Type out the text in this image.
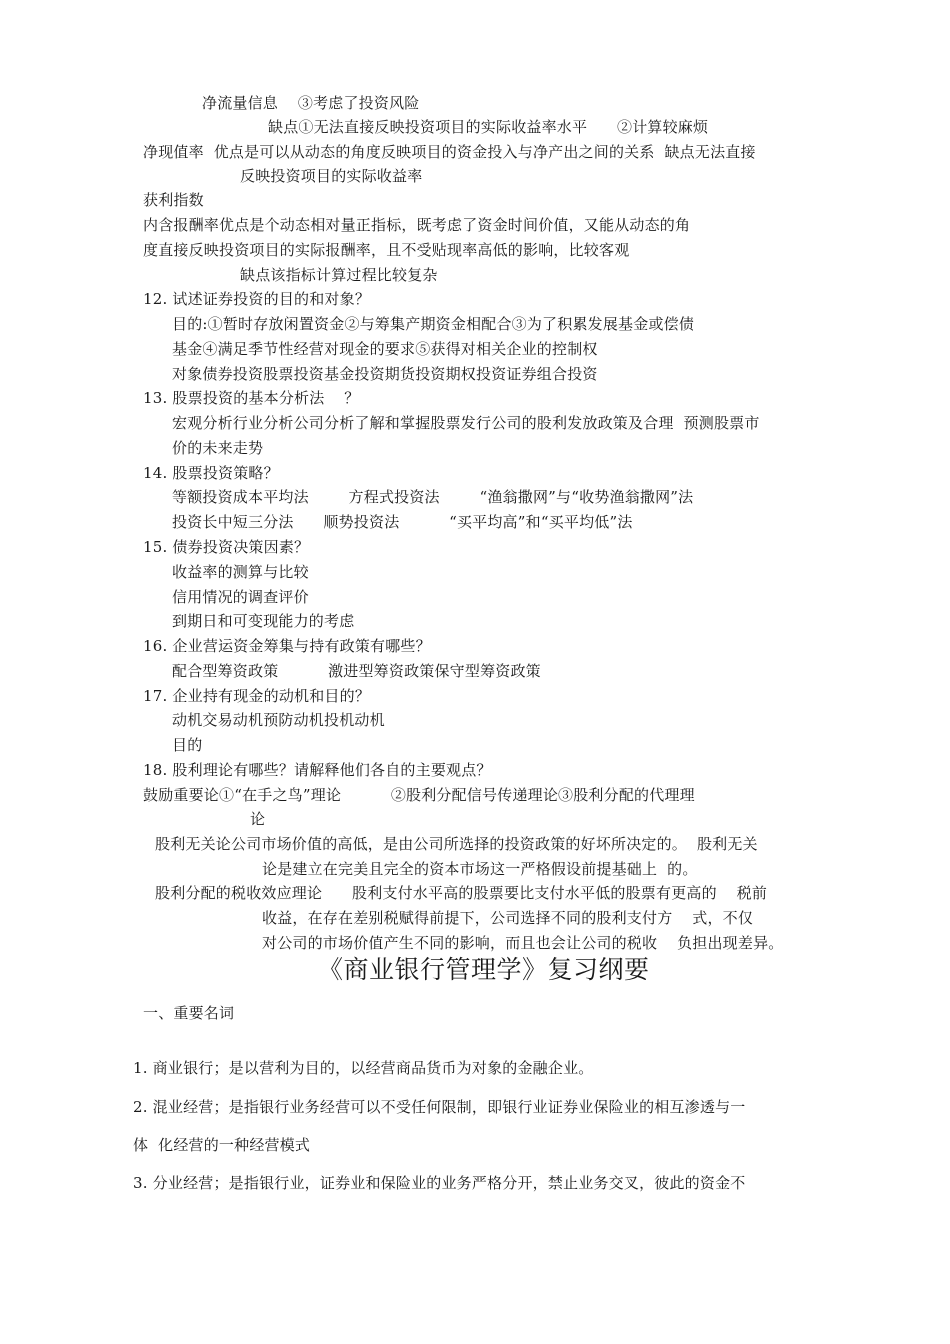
净流量信息    ③考虑了投资风险
缺点①无法直接反映投资项目的实际收益率水平      ②计算较麻烦
净现值率  优点是可以从动态的角度反映项目的资金投入与净产出之间的关系  缺点无法直接
反映投资项目的实际收益率
获利指数
内含报酬率优点是个动态相对量正指标，既考虑了资金时间价值，又能从动态的角
度直接反映投资项目的实际报酬率，且不受贴现率高低的影响，比较客观
缺点该指标计算过程比较复杂
12. 试述证券投资的目的和对象？
目的:①暂时存放闲置资金②与筹集产期资金相配合③为了积累发展基金或偿债
基金④满足季节性经营对现金的要求⑤获得对相关企业的控制权
对象债券投资股票投资基金投资期货投资期权投资证券组合投资
13. 股票投资的基本分析法    ？
宏观分析行业分析公司分析了解和掌握股票发行公司的股利发放政策及合理  预测股票市
价的未来走势
14. 股票投资策略？
等额投资成本平均法        方程式投资法        “渔翁撒网”与“收势渔翁撒网”法
投资长中短三分法      顺势投资法          “买平均高”和“买平均低”法
15. 债券投资决策因素？
收益率的测算与比较
信用情况的调查评价
到期日和可变现能力的考虑
16. 企业营运资金筹集与持有政策有哪些？
配合型筹资政策          激进型筹资政策保守型筹资政策
17. 企业持有现金的动机和目的？
动机交易动机预防动机投机动机
目的
18. 股利理论有哪些？请解释他们各自的主要观点？
鼓励重要论①“在手之鸟”理论          ②股利分配信号传递理论③股利分配的代理理
论
股利无关论公司市场价值的高低，是由公司所选择的投资政策的好坏所决定的。  股利无关
论是建立在完美且完全的资本市场这一严格假设前提基础上  的。
股利分配的税收效应理论      股利支付水平高的股票要比支付水平低的股票有更高的    税前
收益，在存在差别税赋得前提下，公司选择不同的股利支付方    式，不仅
对公司的市场价值产生不同的影响，而且也会让公司的税收    负担出现差异。
《商业银行管理学》复习纲要
一、重要名词
1. 商业银行；是以营利为目的，以经营商品货币为对象的金融企业。
2. 混业经营；是指银行业务经营可以不受任何限制，即银行业证券业保险业的相互渗透与一
体  化经营的一种经营模式
3. 分业经营；是指银行业，证券业和保险业的业务严格分开，禁止业务交叉，彼此的资金不
